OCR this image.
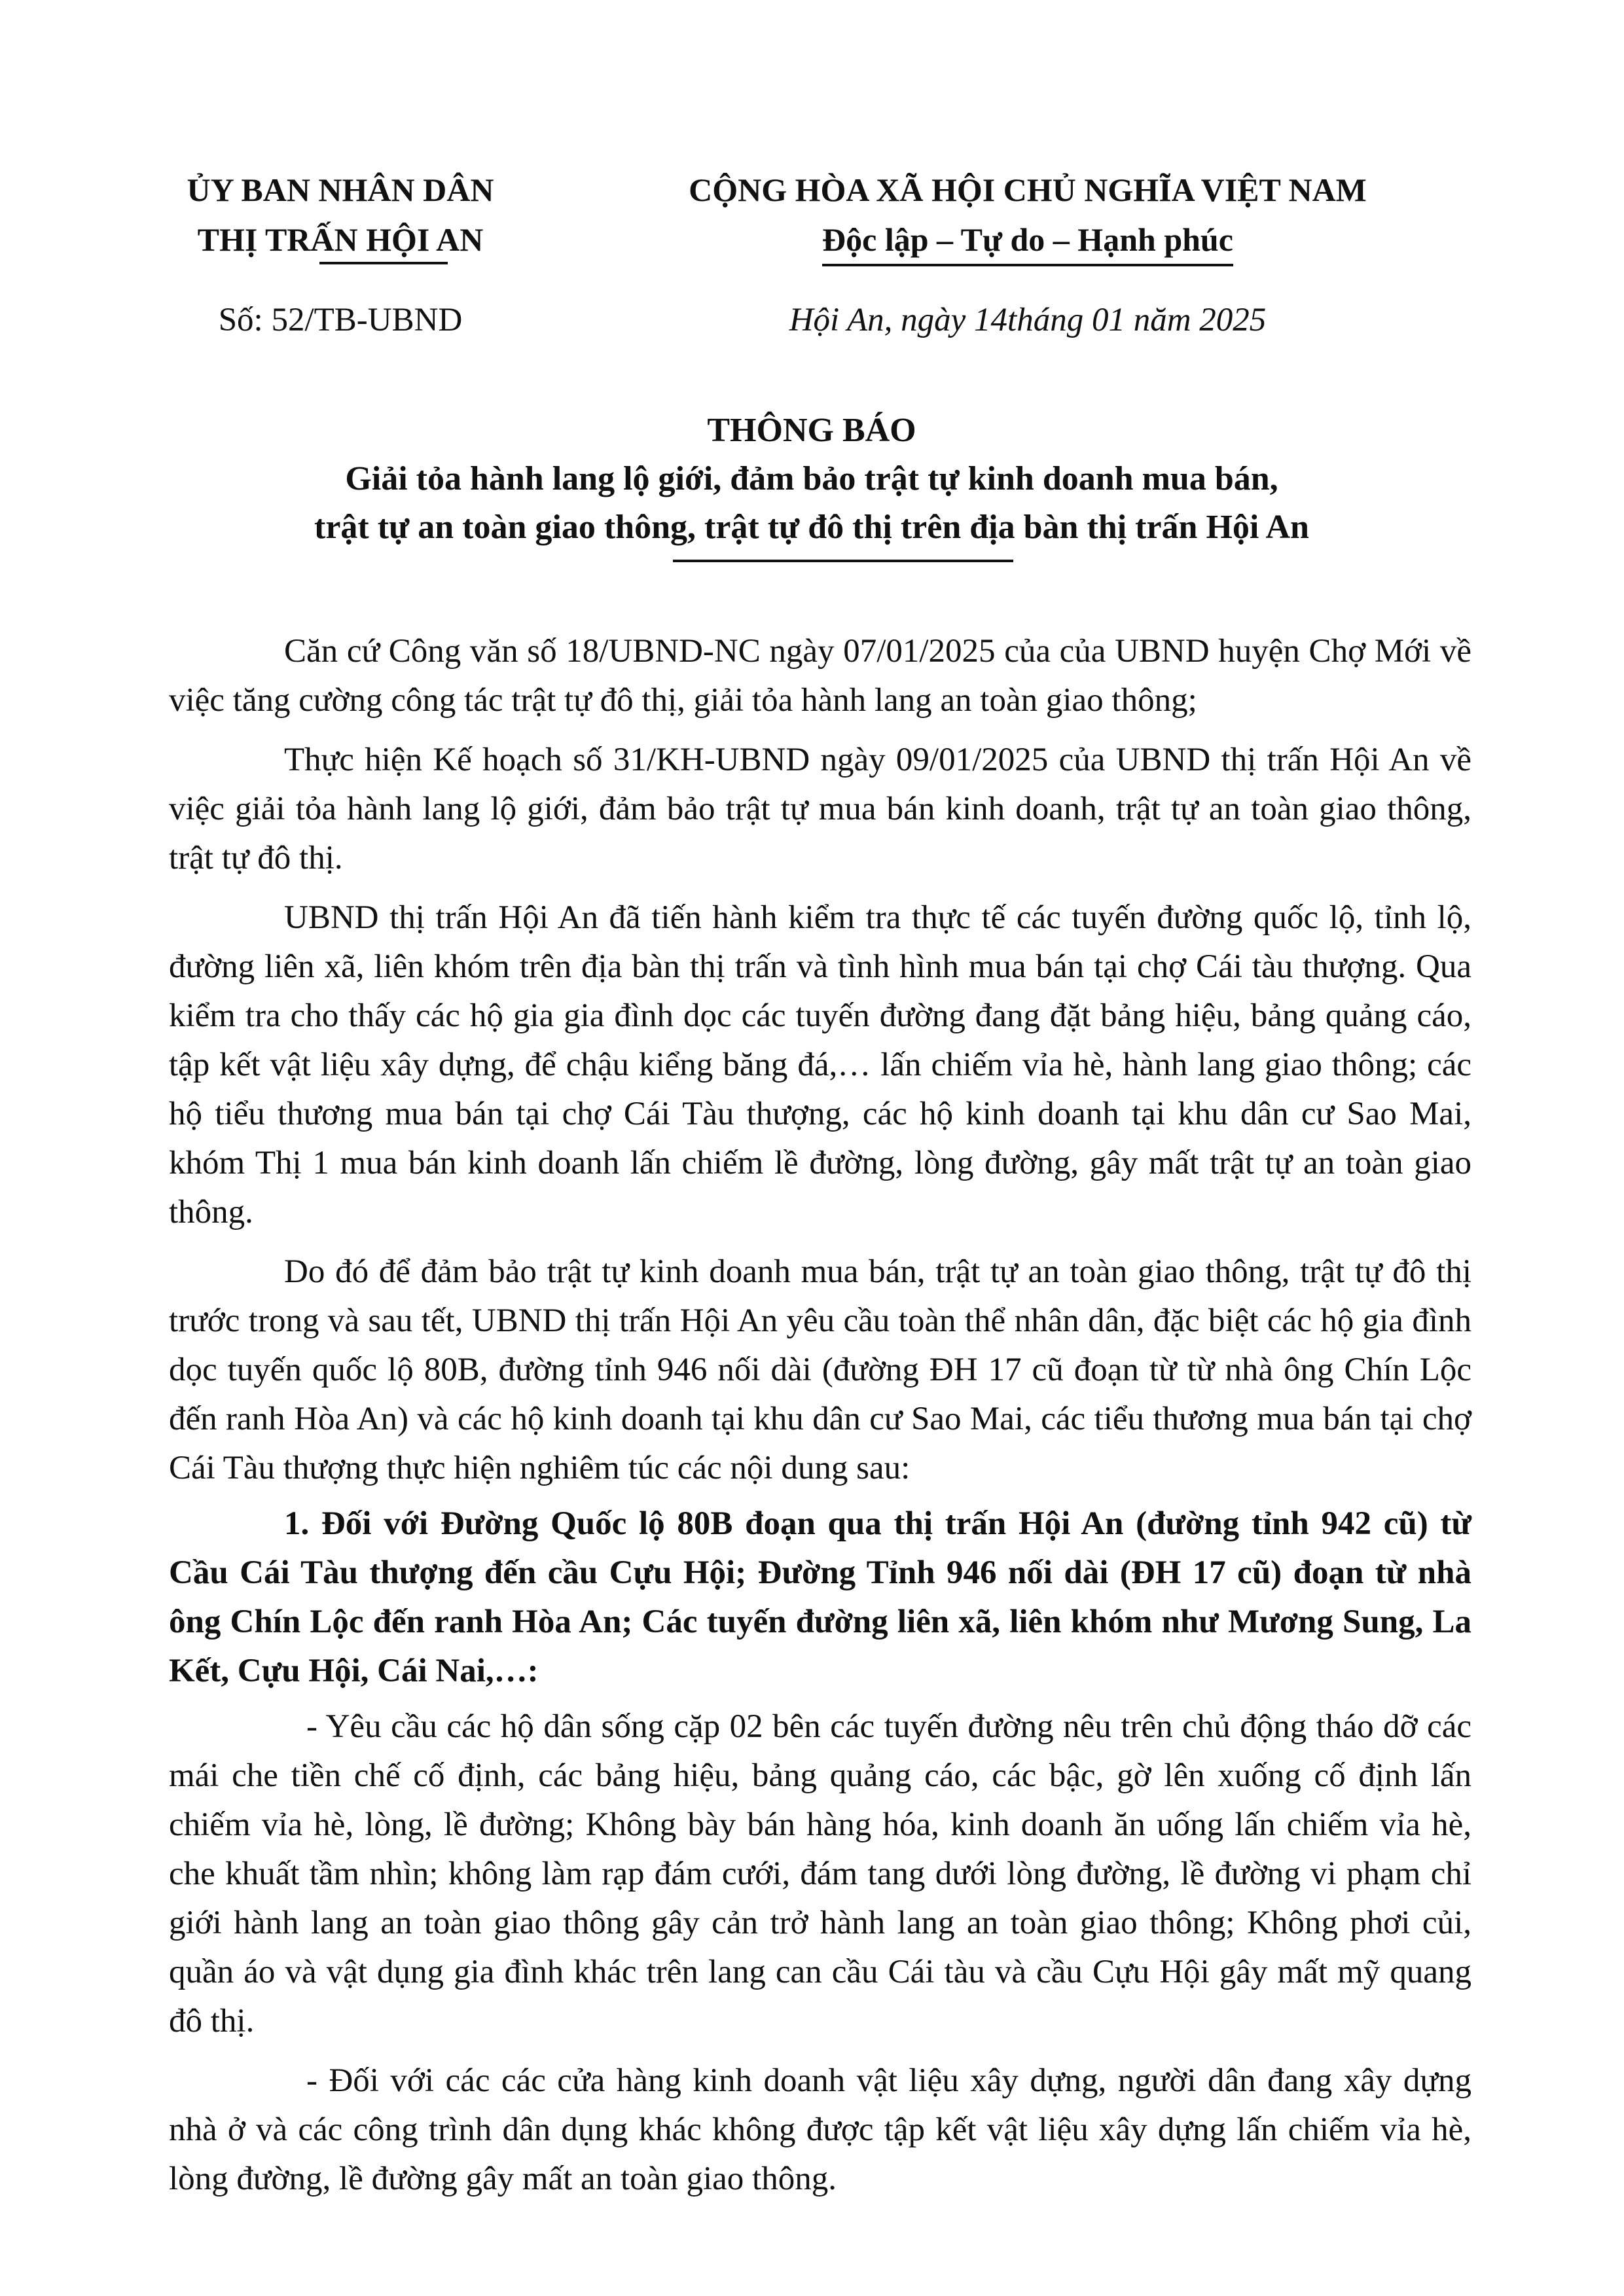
ỦY BAN NHÂN DÂN
THỊ TRẤN HỘI AN
CỘNG HÒA XÃ HỘI CHỦ NGHĨA VIỆT NAM
Độc lập – Tự do – Hạnh phúc
Số: 52/TB-UBND	Hội An, ngày 14tháng 01 năm 2025
THÔNG BÁO
Giải tỏa hành lang lộ giới, đảm bảo trật tự kinh doanh mua bán,
trật tự an toàn giao thông, trật tự đô thị trên địa bàn thị trấn Hội An

Căn cứ Công văn số 18/UBND-NC ngày 07/01/2025 của của UBND huyện Chợ Mới về việc tăng cường công tác trật tự đô thị, giải tỏa hành lang an toàn giao thông;

Thực hiện Kế hoạch số 31/KH-UBND ngày 09/01/2025 của UBND thị trấn Hội An về việc giải tỏa hành lang lộ giới, đảm bảo trật tự mua bán kinh doanh, trật tự an toàn giao thông, trật tự đô thị.

UBND thị trấn Hội An đã tiến hành kiểm tra thực tế các tuyến đường quốc lộ, tỉnh lộ, đường liên xã, liên khóm trên địa bàn thị trấn và tình hình mua bán tại chợ Cái tàu thượng. Qua kiểm tra cho thấy các hộ gia gia đình dọc các tuyến đường đang đặt bảng hiệu, bảng quảng cáo, tập kết vật liệu xây dựng, để chậu kiểng băng đá,… lấn chiếm vỉa hè, hành lang giao thông; các hộ tiểu thương mua bán tại chợ Cái Tàu thượng, các hộ kinh doanh tại khu dân cư Sao Mai, khóm Thị 1 mua bán kinh doanh lấn chiếm lề đường, lòng đường, gây mất trật tự an toàn giao thông.

Do đó để đảm bảo trật tự kinh doanh mua bán, trật tự an toàn giao thông, trật tự đô thị trước trong và sau tết, UBND thị trấn Hội An yêu cầu toàn thể nhân dân, đặc biệt các hộ gia đình dọc tuyến quốc lộ 80B, đường tỉnh 946 nối dài (đường ĐH 17 cũ đoạn từ từ nhà ông Chín Lộc đến ranh Hòa An) và các hộ kinh doanh tại khu dân cư Sao Mai, các tiểu thương mua bán tại chợ Cái Tàu thượng thực hiện nghiêm túc các nội dung sau:

1. Đối với Đường Quốc lộ 80B đoạn qua thị trấn Hội An (đường tỉnh 942 cũ) từ Cầu Cái Tàu thượng đến cầu Cựu Hội; Đường Tỉnh 946 nối dài (ĐH 17 cũ) đoạn từ nhà ông Chín Lộc đến ranh Hòa An; Các tuyến đường liên xã, liên khóm như Mương Sung, La Kết, Cựu Hội, Cái Nai,…:

- Yêu cầu các hộ dân sống cặp 02 bên các tuyến đường nêu trên chủ động tháo dỡ các mái che tiền chế cố định, các bảng hiệu, bảng quảng cáo, các bậc, gờ lên xuống cố định lấn chiếm vỉa hè, lòng, lề đường; Không bày bán hàng hóa, kinh doanh ăn uống lấn chiếm vỉa hè, che khuất tầm nhìn; không làm rạp đám cưới, đám tang dưới lòng đường, lề đường vi phạm chỉ giới hành lang an toàn giao thông gây cản trở hành lang an toàn giao thông; Không phơi củi, quần áo và vật dụng gia đình khác trên lang can cầu Cái tàu và cầu Cựu Hội gây mất mỹ quang đô thị.

- Đối với các các cửa hàng kinh doanh vật liệu xây dựng, người dân đang xây dựng nhà ở và các công trình dân dụng khác không được tập kết vật liệu xây dựng lấn chiếm vỉa hè, lòng đường, lề đường gây mất an toàn giao thông.
